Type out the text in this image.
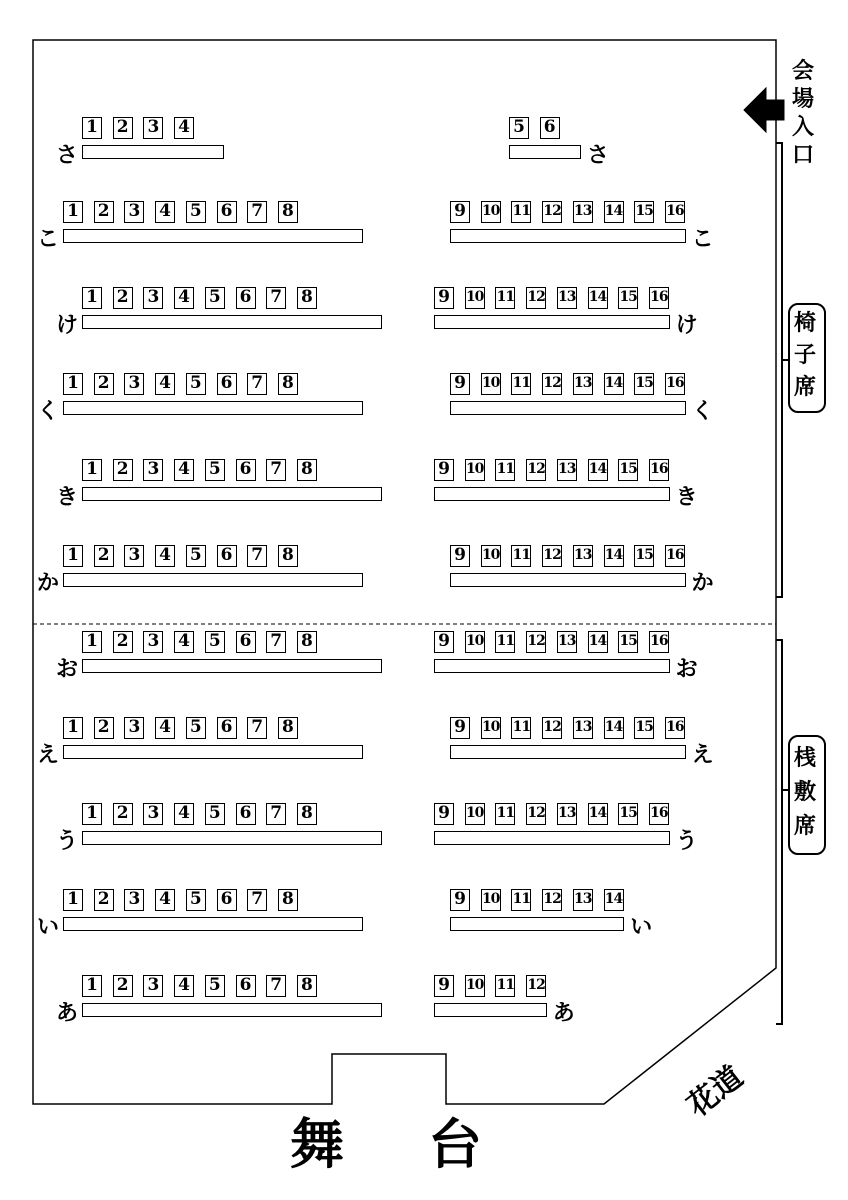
花道
舞 台
1 2 3 4
さ
5 6
さ
1 2 3 4 5 6 7 8
こ
9 10 11 12 13 14 15 16
こ
1 2 3 4 5 6 7 8
け
9 10 11 12 13 14 15 16
け
1 2 3 4 5 6 7 8
く
9 10 11 12 13 14 15 16
く
1 2 3 4 5 6 7 8
き
9 10 11 12 13 14 15 16
き
1 2 3 4 5 6 7 8
か
9 10 11 12 13 14 15 16
か
1 2 3 4 5 6 7 8
お
9 10 11 12 13 14 15 16
お
1 2 3 4 5 6 7 8
え
9 10 11 12 13 14 15 16
え
1 2 3 4 5 6 7 8
う
9 10 11 12 13 14 15 16
う
1 2 3 4 5 6 7 8
い
9 10 11 12 13 14
い
1 2 3 4 5 6 7 8
あ
9 10 11 12
あ
会
場
入
口
椅
子
席
桟
敷
席
